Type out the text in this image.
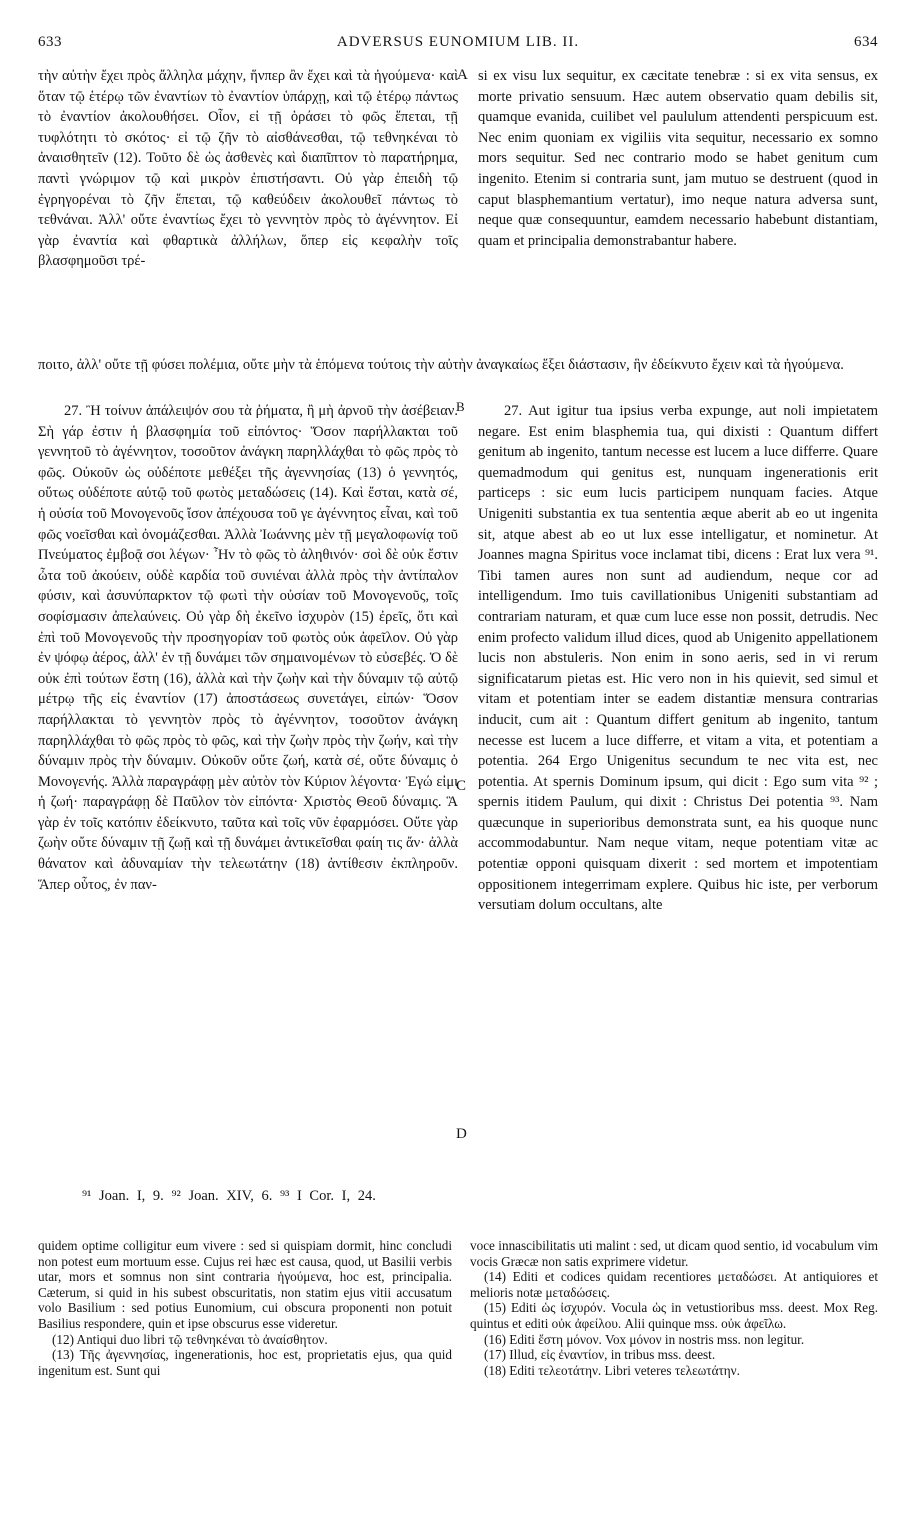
ADVERSUS EUNOMIUM LIB. II.
633	634

τὴν αὐτὴν ἔχει πρὸς ἄλληλα μάχην, ἥνπερ ἂν ἔχει καὶ τὰ ἡγούμενα· καὶ ὅταν τῷ ἑτέρῳ τῶν ἐναντίων τὸ ἐναντίον ὑπάρχῃ, καὶ τῷ ἑτέρῳ πάντως τὸ ἐναντίον ἀκολουθήσει. Οἷον, εἰ τῇ ὁράσει τὸ φῶς ἕπεται, τῇ τυφλότητι τὸ σκότος· εἰ τῷ ζῆν τὸ αἰσθάνεσθαι, τῷ τεθνηκέναι τὸ ἀναισθητεῖν (12). Τοῦτο δὲ ὡς ἀσθενὲς καὶ διαπῖπτον τὸ παρατήρημα, παντὶ γνώριμον τῷ καὶ μικρὸν ἐπιστήσαντι. Οὐ γὰρ ἐπειδὴ τῷ ἐγρηγορέναι τὸ ζῆν ἕπεται, τῷ καθεύδειν ἀκολουθεῖ πάντως τὸ τεθνάναι. Ἀλλ' οὔτε ἐναντίως ἔχει τὸ γεννητὸν πρὸς τὸ ἀγέννητον. Εἰ γὰρ ἐναντία καὶ φθαρτικὰ ἀλλήλων, ὅπερ εἰς κεφαλὴν τοῖς βλασφημοῦσι τρέ-

A si ex visu lux sequitur, ex cæcitate tenebræ : si ex vita sensus, ex morte privatio sensuum. Hæc autem observatio quam debilis sit, quamque evanida, cuilibet vel paululum attendenti perspicuum est. Nec enim quoniam ex vigiliis vita sequitur, necessario ex somno mors sequitur. Sed nec contrario modo se habet genitum cum ingenito. Etenim si contraria sunt, jam mutuo se destruent (quod in caput blasphemantium vertatur), imo neque natura adversa sunt, neque quæ consequuntur, eamdem necessario habebunt distantiam, quam et principalia demonstrabantur habere.

ποιτο, ἀλλ' οὔτε τῇ φύσει πολέμια, οὔτε μὴν τὰ ἑπόμενα τούτοις τὴν αὐτὴν ἀναγκαίως ἕξει διάστασιν, ἣν ἐδείκνυτο ἔχειν καὶ τὰ ἡγούμενα.

B

27. Ἢ τοίνυν ἀπάλειψόν σου τὰ ῥήματα, ἢ μὴ ἀρνοῦ τὴν ἀσέβειαν. Σὴ γάρ ἐστιν ἡ βλασφημία τοῦ εἰπόντος· Ὅσον παρήλλακται τοῦ γεννητοῦ τὸ ἀγέννητον, τοσοῦτον ἀνάγκη παρηλλάχθαι τὸ φῶς πρὸς τὸ φῶς. Οὐκοῦν ὡς οὐδέποτε μεθέξει τῆς ἀγεννησίας (13) ὁ γεννητός, οὕτως οὐδέποτε αὐτῷ τοῦ φωτὸς μεταδώσεις (14). Καὶ ἔσται, κατὰ σέ, ἡ οὐσία τοῦ Μονογενοῦς ἴσον ἀπέχουσα τοῦ γε ἀγέννητος εἶναι, καὶ τοῦ φῶς νοεῖσθαι καὶ ὀνομάζεσθαι. Ἀλλὰ Ἰωάννης μὲν τῇ μεγαλοφωνίᾳ τοῦ Πνεύματος ἐμβοᾷ σοι λέγων· Ἦν τὸ φῶς τὸ ἀληθινόν· σοὶ δὲ οὐκ ἔστιν ὦτα τοῦ ἀκούειν, οὐδὲ καρδία τοῦ συνιέναι ἀλλὰ πρὸς τὴν ἀντίπαλον φύσιν, καὶ ἀσυνύπαρκτον τῷ φωτὶ τὴν οὐσίαν τοῦ Μονογενοῦς, τοῖς σοφίσμασιν ἀπελαύνεις. Οὐ γὰρ δὴ ἐκεῖνο ἰσχυρὸν (15) ἐρεῖς, ὅτι καὶ ἐπὶ τοῦ Μονογενοῦς τὴν προσηγορίαν τοῦ φωτὸς οὐκ ἀφεῖλον. Οὐ γὰρ ἐν ψόφῳ ἀέρος, ἀλλ' ἐν τῇ δυνάμει τῶν σημαινομένων τὸ εὐσεβές. Ὁ δὲ οὐκ ἐπὶ τούτων ἔστη (16), ἀλλὰ καὶ τὴν ζωὴν καὶ τὴν δύναμιν τῷ αὐτῷ μέτρῳ τῆς εἰς ἐναντίον (17) ἀποστάσεως συνετάγει, εἰπών· Ὅσον παρήλλακται τὸ γεννητὸν πρὸς τὸ ἀγέννητον, τοσοῦτον ἀνάγκη παρηλλάχθαι τὸ φῶς πρὸς τὸ φῶς, καὶ τὴν ζωὴν πρὸς τὴν ζωήν, καὶ τὴν δύναμιν πρὸς τὴν δύναμιν. Οὐκοῦν οὔτε ζωή, κατὰ σέ, οὔτε δύναμις ὁ Μονογενής. Ἀλλὰ παραγράφῃ μὲν αὐτὸν τὸν Κύριον λέγοντα· Ἐγώ εἰμι ἡ ζωή· παραγράφῃ δὲ Παῦλον τὸν εἰπόντα· Χριστὸς Θεοῦ δύναμις. Ἃ γὰρ ἐν τοῖς κατόπιν ἐδείκνυτο, ταῦτα καὶ τοῖς νῦν ἐφαρμόσει. Οὔτε γὰρ ζωὴν οὔτε δύναμιν τῇ ζωῇ καὶ τῇ δυνάμει ἀντικεῖσθαι φαίη τις ἄν· ἀλλὰ θάνατον καὶ ἀδυναμίαν τὴν τελεωτάτην (18) ἀντίθεσιν ἐκπληροῦν. Ἅπερ οὗτος, ἐν παν-

27. Aut igitur tua ipsius verba expunge, aut noli impietatem negare. Est enim blasphemia tua, qui dixisti : Quantum differt genitum ab ingenito, tantum necesse est lucem a luce differre. Quare quemadmodum qui genitus est, nunquam ingenerationis erit particeps : sic eum lucis participem nunquam facies. Atque Unigeniti substantia ex tua sententia æque aberit ab eo ut ingenita sit, atque abest ab eo ut lux esse intelligatur, et nominetur. At Joannes magna Spiritus voce inclamat tibi, dicens : Erat lux vera ⁹¹. Tibi tamen aures non sunt ad audiendum, neque cor ad intelligendum. Imo tuis cavillationibus Unigeniti substantiam ad contrariam naturam, et quæ cum luce esse non possit, detrudis. Nec enim profecto validum illud dices, quod ab Unigenito appellationem lucis non abstuleris. Non enim in sono aeris, sed in vi rerum significatarum pietas est. Hic vero non in his quievit, sed simul et vitam et potentiam inter se eadem distantiæ mensura contrarias inducit, cum ait : Quantum differt genitum ab ingenito, tantum necesse est lucem a luce differre, et vitam a vita, et potentiam a potentia. 264 Ergo Unigenitus secundum te nec vita est, nec potentia. At spernis Dominum ipsum, qui dicit : Ego sum vita ⁹² ; spernis itidem Paulum, qui dixit : Christus Dei potentia ⁹³. Nam quæcunque in superioribus demonstrata sunt, ea his quoque nunc accommodabuntur. Nam neque vitam, neque potentiam vitæ ac potentiæ opponi quisquam dixerit : sed mortem et impotentiam oppositionem integerrimam explere. Quibus hic iste, per verborum versutiam dolum occultans, alte

C
D
⁹¹ Joan. I, 9. ⁹² Joan. XIV, 6. ⁹³ I Cor. I, 24.

quidem optime colligitur eum vivere : sed si quispiam dormit, hinc concludi non potest eum mortuum esse. Cujus rei hæc est causa, quod, ut Basilii verbis utar, mors et somnus non sint contraria ἡγούμενα, hoc est, principalia. Cæterum, si quid in his subest obscuritatis, non statim ejus vitii accusatum volo Basilium : sed potius Eunomium, cui obscura proponenti non potuit Basilius respondere, quin et ipse obscurus esse videretur.

(12) Antiqui duo libri τῷ τεθνηκέναι τὸ ἀναίσθητον.

(13) Τῆς ἀγεννησίας, ingenerationis, hoc est, proprietatis ejus, qua quid ingenitum est. Sunt qui

voce innascibilitatis uti malint : sed, ut dicam quod sentio, id vocabulum vim vocis Græcæ non satis exprimere videtur.

(14) Editi et codices quidam recentiores μεταδώσει. At antiquiores et melioris notæ μεταδώσεις.

(15) Editi ὡς ἰσχυρόν. Vocula ὡς in vetustioribus mss. deest. Mox Reg. quintus et editi οὐκ ἀφείλου. Alii quinque mss. οὐκ ἀφεῖλω.

(16) Editi ἔστη μόνον. Vox μόνον in nostris mss. non legitur.

(17) Illud, εἰς ἐναντίον, in tribus mss. deest.

(18) Editi τελεοτάτην. Libri veteres τελεωτάτην.
